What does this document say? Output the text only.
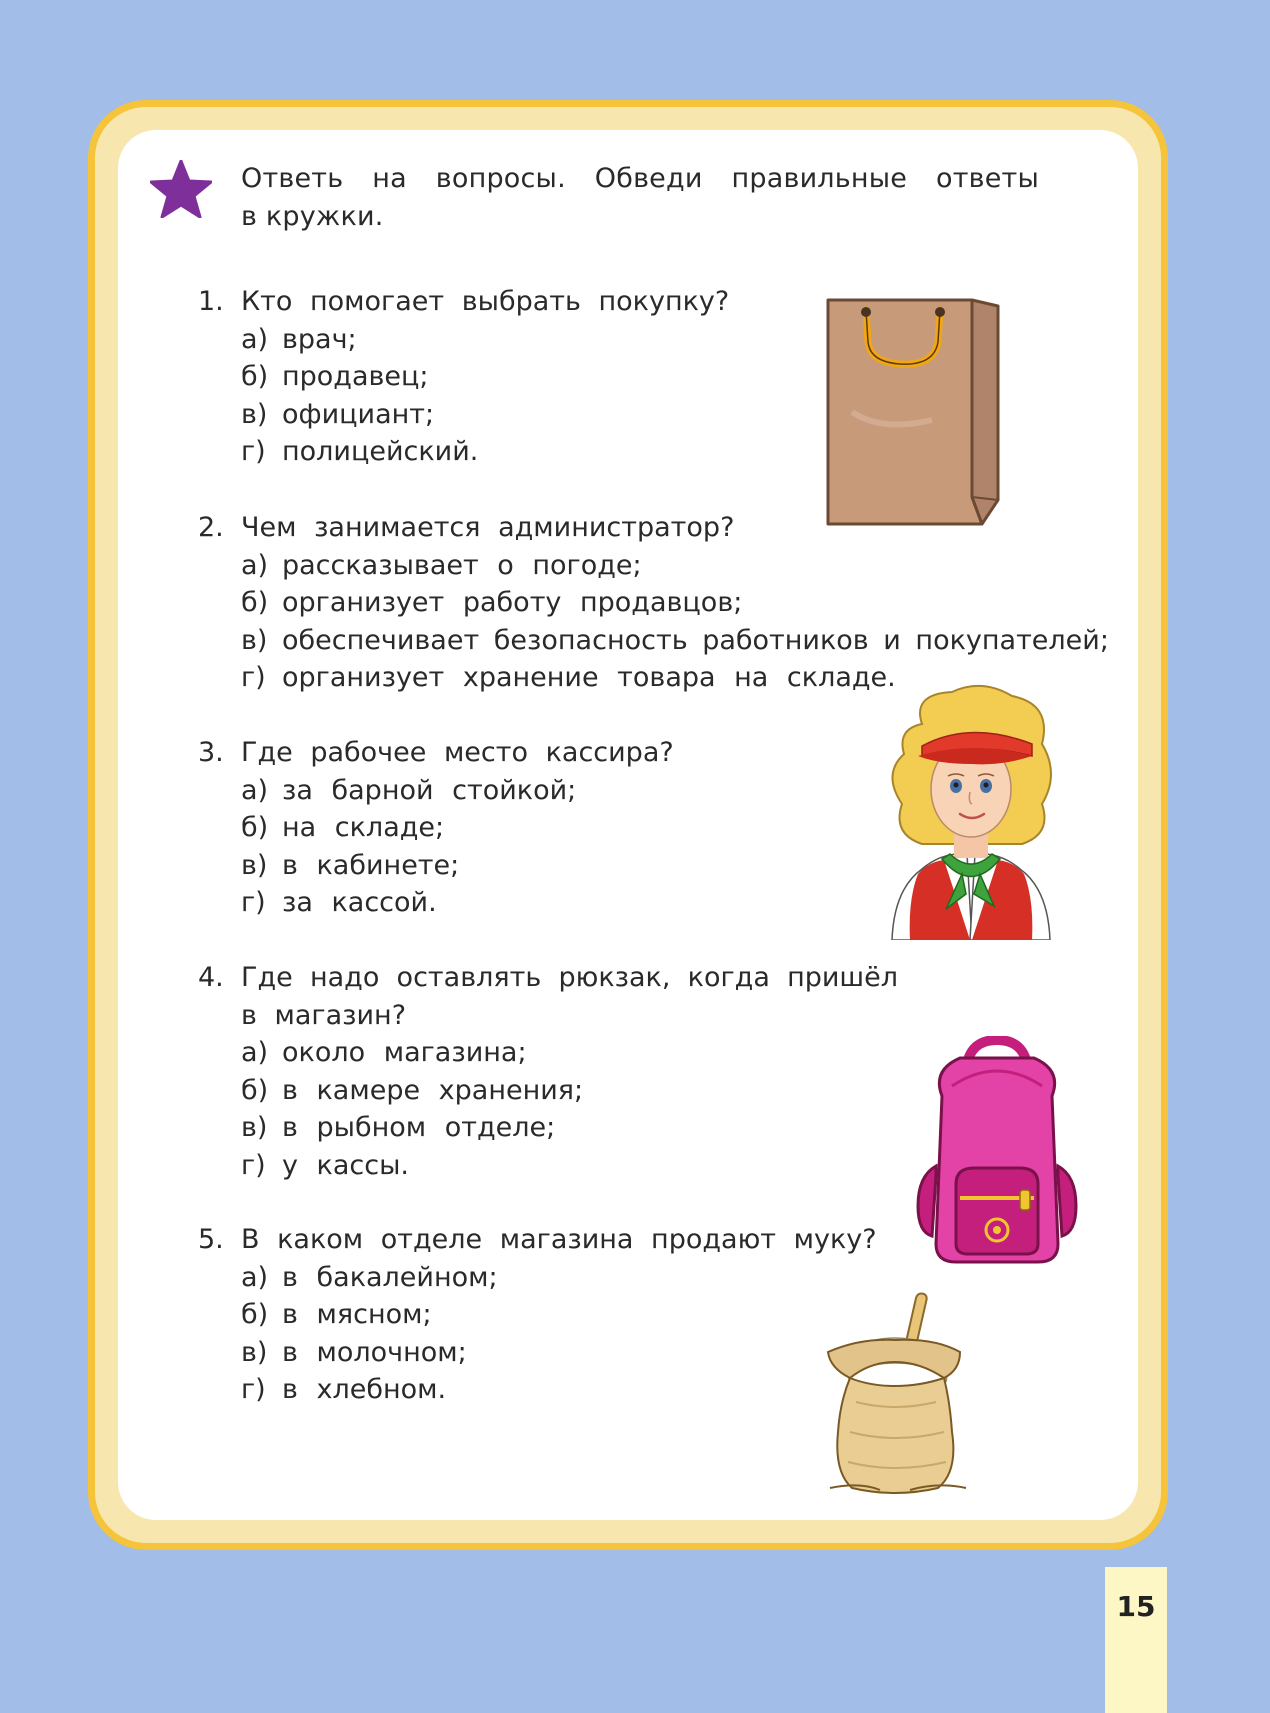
Ответь на вопросы. Обведи правильные ответы
в кружки.
1. Кто помогает выбрать покупку?
а) врач;
б) продавец;
в) официант;
г) полицейский.
2. Чем занимается администратор?
а) рассказывает о погоде;
б) организует работу продавцов;
в) обеспечивает безопасность работников и покупателей;
г) организует хранение товара на складе.
3. Где рабочее место кассира?
а) за барной стойкой;
б) на складе;
в) в кабинете;
г) за кассой.
4. Где надо оставлять рюкзак, когда пришёл
в магазин?
а) около магазина;
б) в камере хранения;
в) в рыбном отделе;
г) у кассы.
5. В каком отделе магазина продают муку?
а) в бакалейном;
б) в мясном;
в) в молочном;
г) в хлебном.
15
